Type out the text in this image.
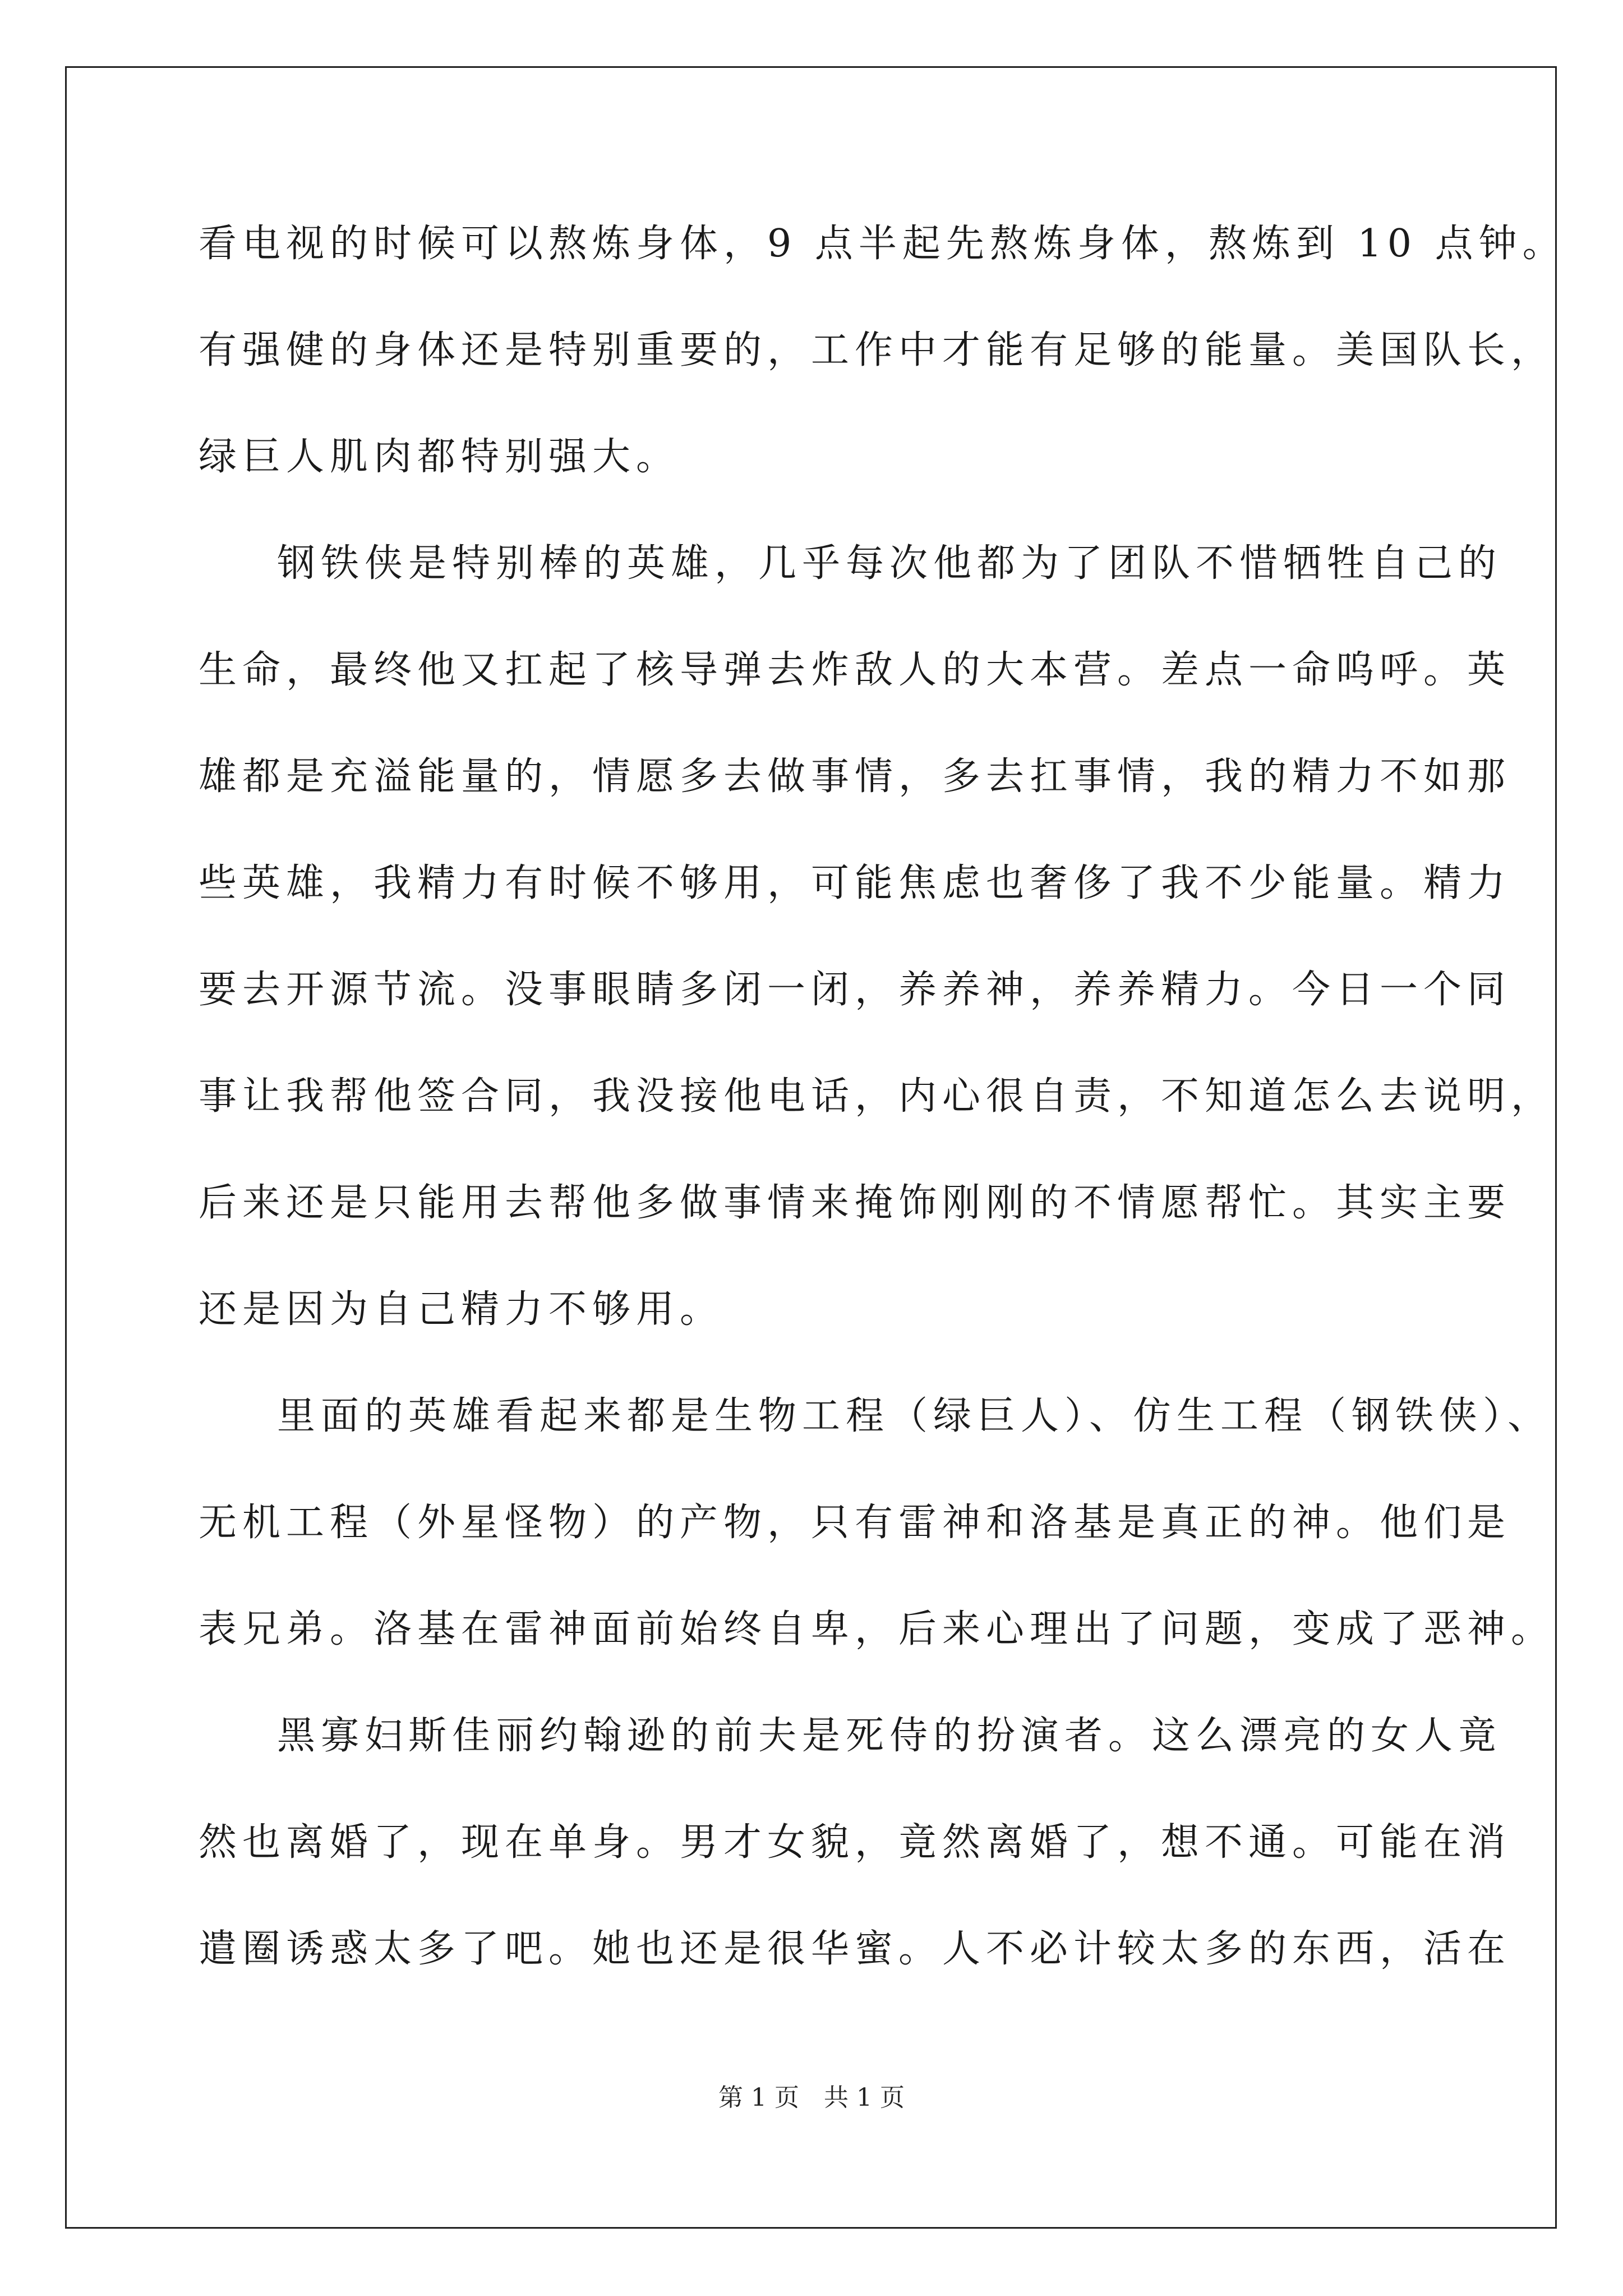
看电视的时候可以熬炼身体，9 点半起先熬炼身体，熬炼到 10 点钟。
有强健的身体还是特别重要的，工作中才能有足够的能量。美国队长，
绿巨人肌肉都特别强大。
钢铁侠是特别棒的英雄，几乎每次他都为了团队不惜牺牲自己的
生命，最终他又扛起了核导弹去炸敌人的大本营。差点一命呜呼。英
雄都是充溢能量的，情愿多去做事情，多去扛事情，我的精力不如那
些英雄，我精力有时候不够用，可能焦虑也奢侈了我不少能量。精力
要去开源节流。没事眼睛多闭一闭，养养神，养养精力。今日一个同
事让我帮他签合同，我没接他电话，内心很自责，不知道怎么去说明，
后来还是只能用去帮他多做事情来掩饰刚刚的不情愿帮忙。其实主要
还是因为自己精力不够用。
里面的英雄看起来都是生物工程（绿巨人）、仿生工程（钢铁侠）、
无机工程（外星怪物）的产物，只有雷神和洛基是真正的神。他们是
表兄弟。洛基在雷神面前始终自卑，后来心理出了问题，变成了恶神。
黑寡妇斯佳丽约翰逊的前夫是死侍的扮演者。这么漂亮的女人竟
然也离婚了，现在单身。男才女貌，竟然离婚了，想不通。可能在消
遣圈诱惑太多了吧。她也还是很华蜜。人不必计较太多的东西，活在
第 1 页　共 1 页
